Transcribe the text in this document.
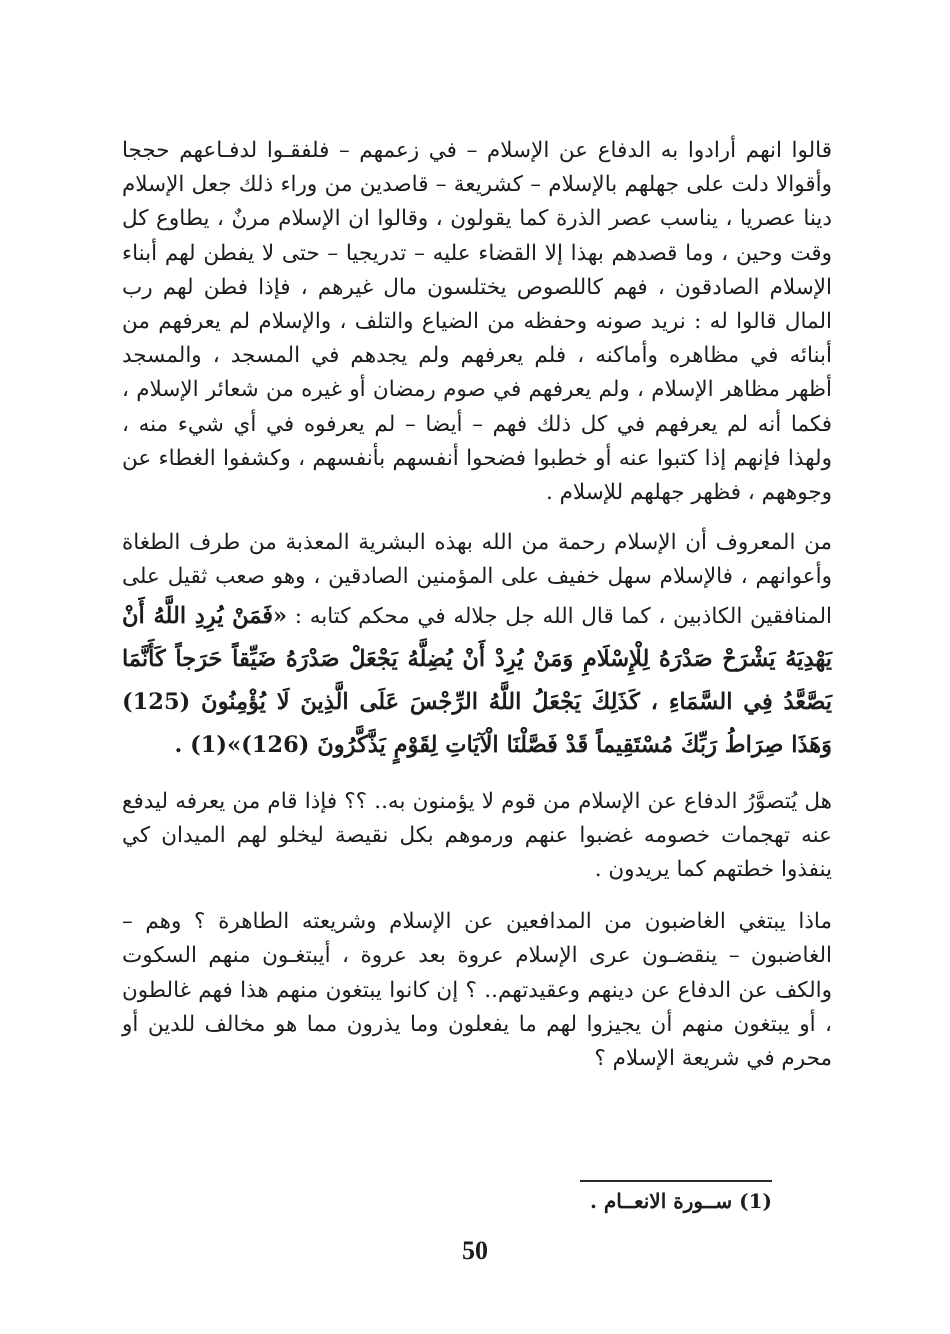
قالوا انهم أرادوا به الدفاع عن الإسلام – في زعمهم – فلفقـوا لدفـاعهم حججا وأقوالا دلت على جهلهم بالإسلام – كشريعة – قاصدين من وراء ذلك جعل الإسلام دينا عصريا ، يناسب عصر الذرة كما يقولون ، وقالوا ان الإسلام مرنٌ ، يطاوع كل وقت وحين ، وما قصدهم بهذا إلا القضاء عليه – تدريجيا – حتى لا يفطن لهم أبناء الإسلام الصادقون ، فهم كاللصوص يختلسون مال غيرهم ، فإذا فطن لهم رب المال قالوا له : نريد صونه وحفظه من الضياع والتلف ، والإسلام لم يعرفهم من أبنائه في مظاهره وأماكنه ، فلم يعرفهم ولم يجدهم في المسجد ، والمسجد أظهر مظاهر الإسلام ، ولم يعرفهم في صوم رمضان أو غيره من شعائر الإسلام ، فكما أنه لم يعرفهم في كل ذلك فهم – أيضا – لم يعرفوه في أي شيء منه ، ولهذا فإنهم إذا كتبوا عنه أو خطبوا فضحوا أنفسهم بأنفسهم ، وكشفوا الغطاء عن وجوههم ، فظهر جهلهم للإسلام .

من المعروف أن الإسلام رحمة من الله بهذه البشرية المعذبة من طرف الطغاة وأعوانهم ، فالإسلام سهل خفيف على المؤمنين الصادقين ، وهو صعب ثقيل على المنافقين الكاذبين ، كما قال الله جل جلاله في محكم كتابه : «فَمَنْ يُرِدِ اللَّهُ أَنْ يَهْدِيَهُ يَشْرَحْ صَدْرَهُ لِلْإِسْلَامِ وَمَنْ يُرِدْ أَنْ يُضِلَّهُ يَجْعَلْ صَدْرَهُ ضَيِّقاً حَرَجاً كَأَنَّمَا يَصَّعَّدُ فِي السَّمَاءِ ، كَذَلِكَ يَجْعَلُ اللَّهُ الرِّجْسَ عَلَى الَّذِينَ لَا يُؤْمِنُونَ (125) وَهَذَا صِرَاطُ رَبِّكَ مُسْتَقِيماً قَدْ فَصَّلْنَا الْآيَاتِ لِقَوْمٍ يَذَّكَّرُونَ (126)»(1) .

هل يُتصوَّرُ الدفاع عن الإسلام من قوم لا يؤمنون به.. ؟؟ فإذا قام من يعرفه ليدفع عنه تهجمات خصومه غضبوا عنهم ورموهم بكل نقيصة ليخلو لهم الميدان كي ينفذوا خطتهم كما يريدون .

ماذا يبتغي الغاضبون من المدافعين عن الإسلام وشريعته الطاهرة ؟ وهم – الغاضبون – ينقضـون عرى الإسلام عروة بعد عروة ، أيبتغـون منهم السكوت والكف عن الدفاع عن دينهم وعقيدتهم.. ؟ إن كانوا يبتغون منهم هذا فهم غالطون ، أو يبتغون منهم أن يجيزوا لهم ما يفعلون وما يذرون مما هو مخالف للدين أو محرم في شريعة الإسلام ؟

(1) ســورة الانعــام .
50
